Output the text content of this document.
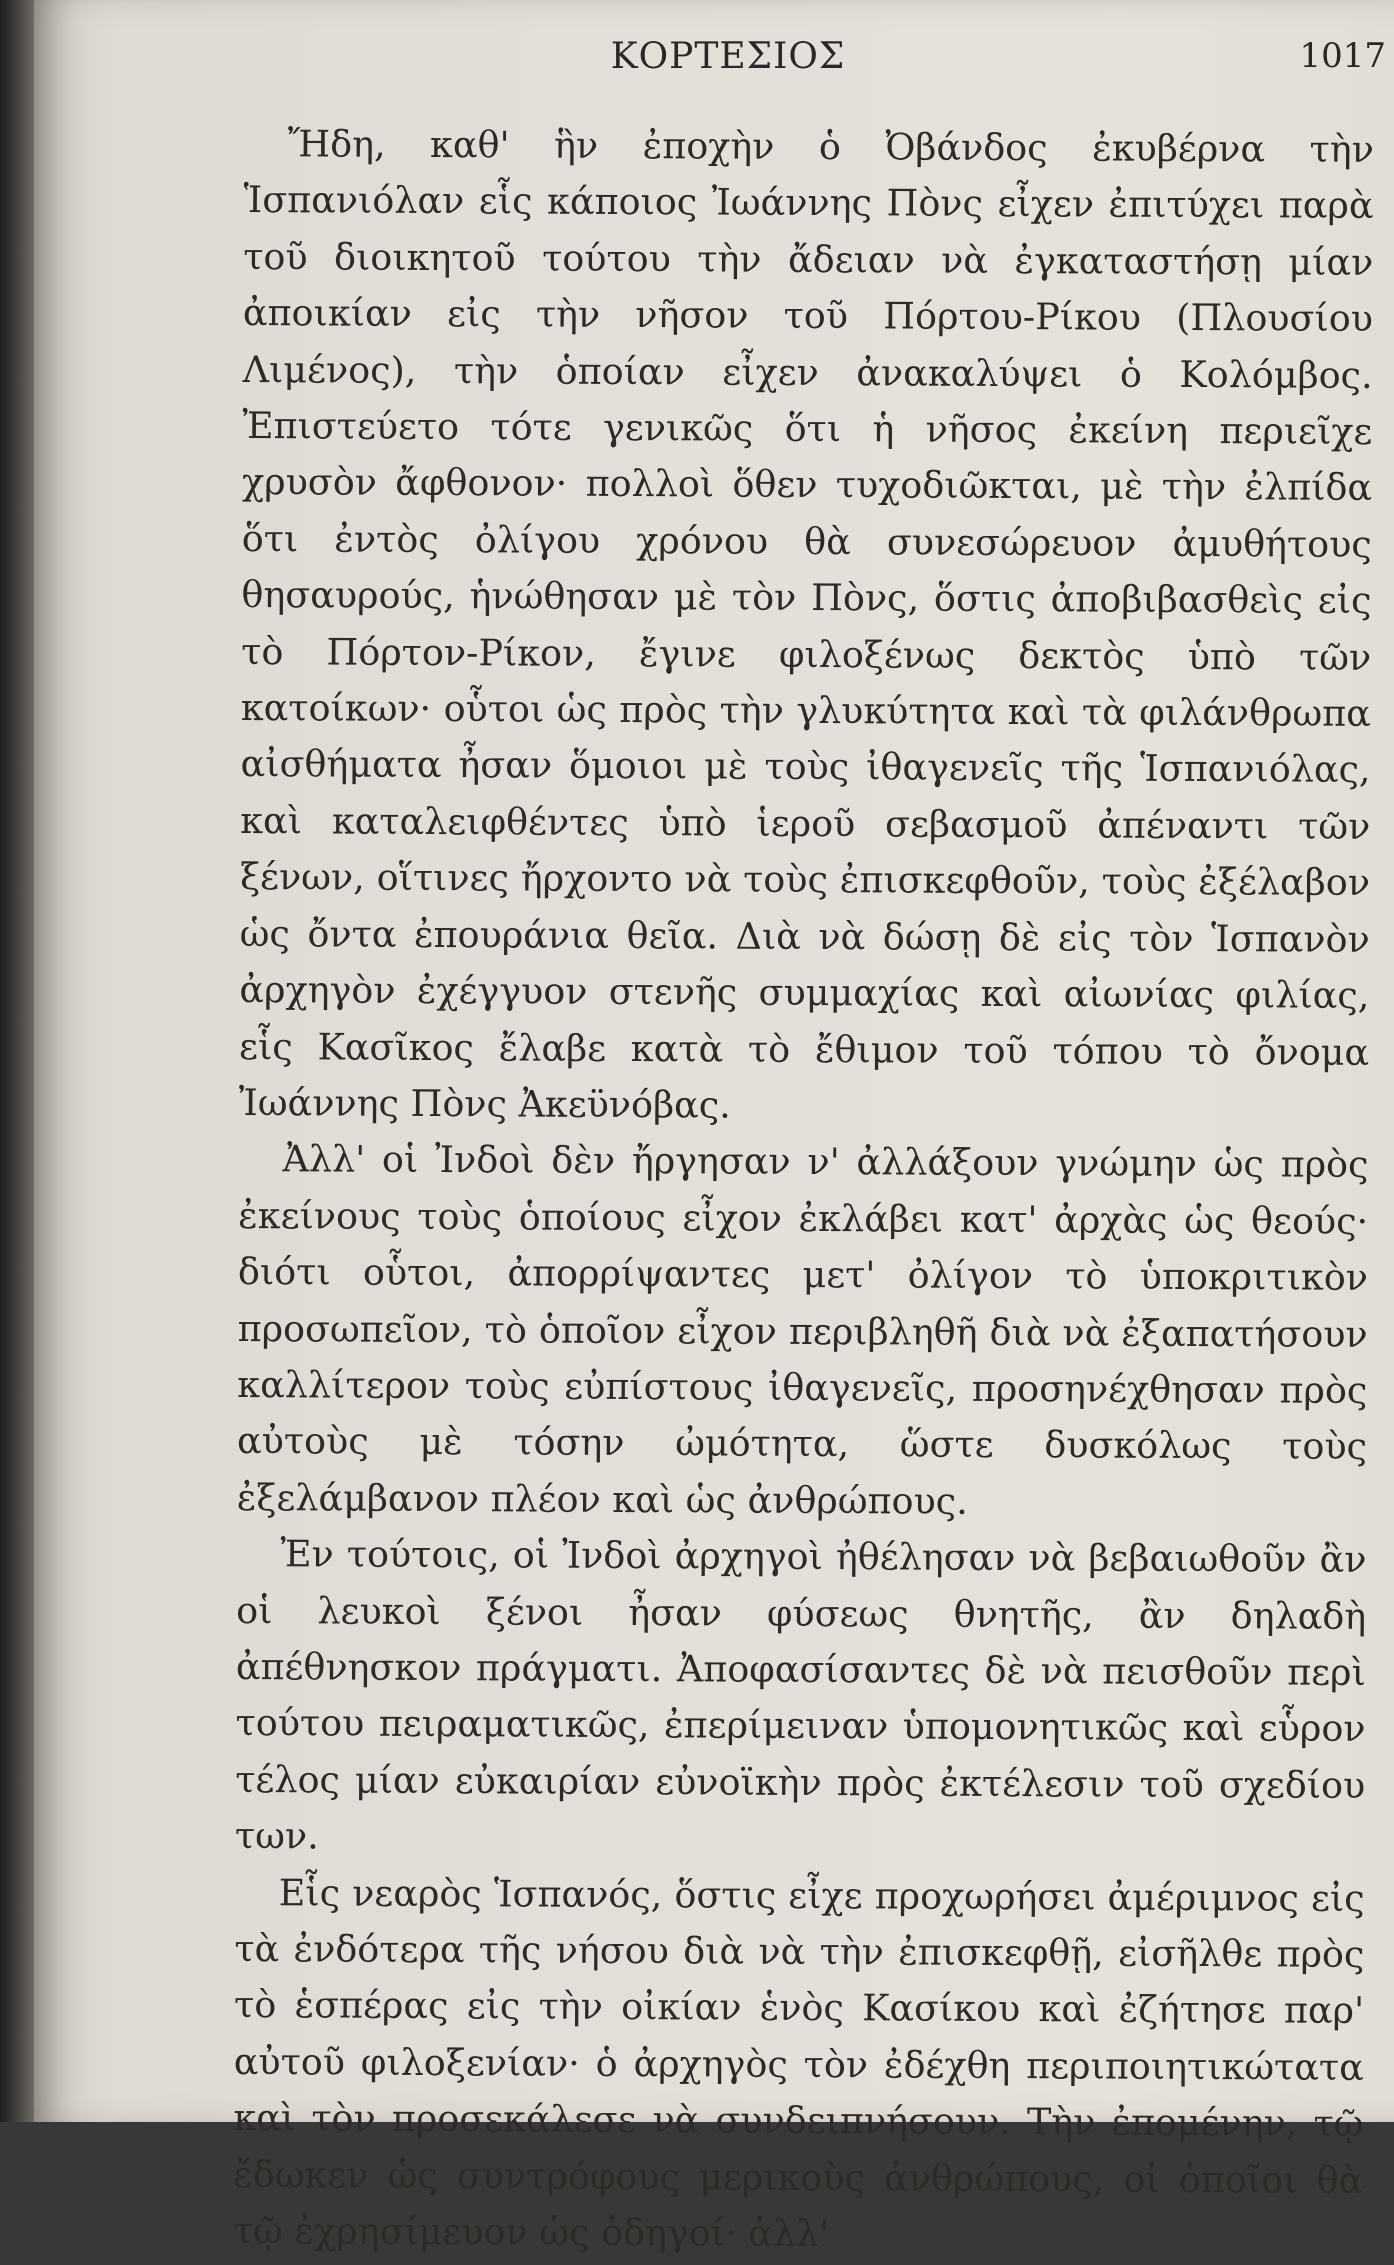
ΚΟΡΤΕΣΙΟΣ	1017

Ἤδη, καθ' ἣν ἐποχὴν ὁ Ὀβάνδος ἐκυβέρνα τὴν Ἱσπανιόλαν εἷς κάποιος Ἰωάννης Πὸνς εἶχεν ἐπιτύχει παρὰ τοῦ διοικητοῦ τούτου τὴν ἄδειαν νὰ ἐγκαταστήσῃ μίαν ἀποικίαν εἰς τὴν νῆσον τοῦ Πόρτου-Ρίκου (Πλουσίου Λιμένος), τὴν ὁποίαν εἶχεν ἀνακαλύψει ὁ Κολόμβος. Ἐπιστεύετο τότε γενικῶς ὅτι ἡ νῆσος ἐκείνη περιεῖχε χρυσὸν ἄφθονον· πολλοὶ ὅθεν τυχοδιῶκται, μὲ τὴν ἐλπίδα ὅτι ἐντὸς ὀλίγου χρόνου θὰ συνεσώρευον ἀμυθήτους θησαυρούς, ἡνώθησαν μὲ τὸν Πὸνς, ὅστις ἀποβιβασθεὶς εἰς τὸ Πόρτον-Ρίκον, ἔγινε φιλοξένως δεκτὸς ὑπὸ τῶν κατοίκων· οὗτοι ὡς πρὸς τὴν γλυκύτητα καὶ τὰ φιλάνθρωπα αἰσθήματα ἦσαν ὅμοιοι μὲ τοὺς ἰθαγενεῖς τῆς Ἱσπανιόλας, καὶ καταλειφθέντες ὑπὸ ἱεροῦ σεβασμοῦ ἀπέναντι τῶν ξένων, οἵτινες ἤρχοντο νὰ τοὺς ἐπισκεφθοῦν, τοὺς ἐξέλαβον ὡς ὄντα ἐπουράνια θεῖα. Διὰ νὰ δώσῃ δὲ εἰς τὸν Ἱσπανὸν ἀρχηγὸν ἐχέγγυον στενῆς συμμαχίας καὶ αἰωνίας φιλίας, εἷς Κασῖκος ἔλαβε κατὰ τὸ ἔθιμον τοῦ τόπου τὸ ὄνομα Ἰωάννης Πὸνς Ἀκεϋνόβας.

Ἀλλ' οἱ Ἰνδοὶ δὲν ἤργησαν ν' ἀλλάξουν γνώμην ὡς πρὸς ἐκείνους τοὺς ὁποίους εἶχον ἐκλάβει κατ' ἀρχὰς ὡς θεούς· διότι οὗτοι, ἀπορρίψαντες μετ' ὀλίγον τὸ ὑποκριτικὸν προσωπεῖον, τὸ ὁποῖον εἶχον περιβληθῆ διὰ νὰ ἐξαπατήσουν καλλίτερον τοὺς εὐπίστους ἰθαγενεῖς, προσηνέχθησαν πρὸς αὐτοὺς μὲ τόσην ὠμότητα, ὥστε δυσκόλως τοὺς ἐξελάμβανον πλέον καὶ ὡς ἀνθρώπους.

Ἐν τούτοις, οἱ Ἰνδοὶ ἀρχηγοὶ ἠθέλησαν νὰ βεβαιωθοῦν ἂν οἱ λευκοὶ ξένοι ἦσαν φύσεως θνητῆς, ἂν δηλαδὴ ἀπέθνησκον πράγματι. Ἀποφασίσαντες δὲ νὰ πεισθοῦν περὶ τούτου πειραματικῶς, ἐπερίμειναν ὑπομονητικῶς καὶ εὗρον τέλος μίαν εὐκαιρίαν εὐνοϊκὴν πρὸς ἐκτέλεσιν τοῦ σχεδίου των.

Εἷς νεαρὸς Ἱσπανός, ὅστις εἶχε προχωρήσει ἀμέριμνος εἰς τὰ ἐνδότερα τῆς νήσου διὰ νὰ τὴν ἐπισκεφθῇ, εἰσῆλθε πρὸς τὸ ἑσπέρας εἰς τὴν οἰκίαν ἑνὸς Κασίκου καὶ ἐζήτησε παρ' αὐτοῦ φιλοξενίαν· ὁ ἀρχηγὸς τὸν ἐδέχθη περιποιητικώτατα καὶ τὸν προσεκάλεσε νὰ συνδειπνήσουν. Τὴν ἐπομένην, τῷ ἔδωκεν ὡς συντρόφους μερικοὺς ἀνθρώπους, οἱ ὁποῖοι θὰ τῷ ἐχρησίμευον ὡς ὁδηγοί· ἀλλ'
